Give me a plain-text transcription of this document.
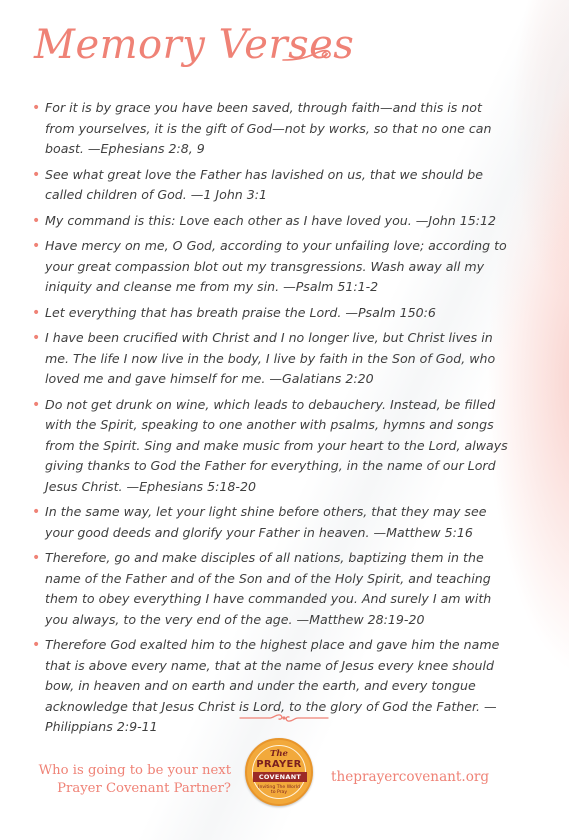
Memory Verses
• For it is by grace you have been saved, through faith—and this is not from yourselves, it is the gift of God—not by works, so that no one can boast. —Ephesians 2:8, 9
• See what great love the Father has lavished on us, that we should be called children of God. —1 John 3:1
• My command is this: Love each other as I have loved you. —John 15:12
• Have mercy on me, O God, according to your unfailing love; according to your great compassion blot out my transgressions. Wash away all my iniquity and cleanse me from my sin. —Psalm 51:1-2
• Let everything that has breath praise the Lord. —Psalm 150:6
• I have been crucified with Christ and I no longer live, but Christ lives in me. The life I now live in the body, I live by faith in the Son of God, who loved me and gave himself for me. —Galatians 2:20
• Do not get drunk on wine, which leads to debauchery. Instead, be filled with the Spirit, speaking to one another with psalms, hymns and songs from the Spirit. Sing and make music from your heart to the Lord, always giving thanks to God the Father for everything, in the name of our Lord Jesus Christ. —Ephesians 5:18-20
• In the same way, let your light shine before others, that they may see your good deeds and glorify your Father in heaven. —Matthew 5:16
• Therefore, go and make disciples of all nations, baptizing them in the name of the Father and of the Son and of the Holy Spirit, and teaching them to obey everything I have commanded you. And surely I am with you always, to the very end of the age. —Matthew 28:19-20
• Therefore God exalted him to the highest place and gave him the name that is above every name, that at the name of Jesus every knee should bow, in heaven and on earth and under the earth, and every tongue acknowledge that Jesus Christ is Lord, to the glory of God the Father. —Philippians 2:9-11
Who is going to be your next
Prayer Covenant Partner?
The
PRAYER
COVENANT
Inviting The World
to Pray
theprayercovenant.org
